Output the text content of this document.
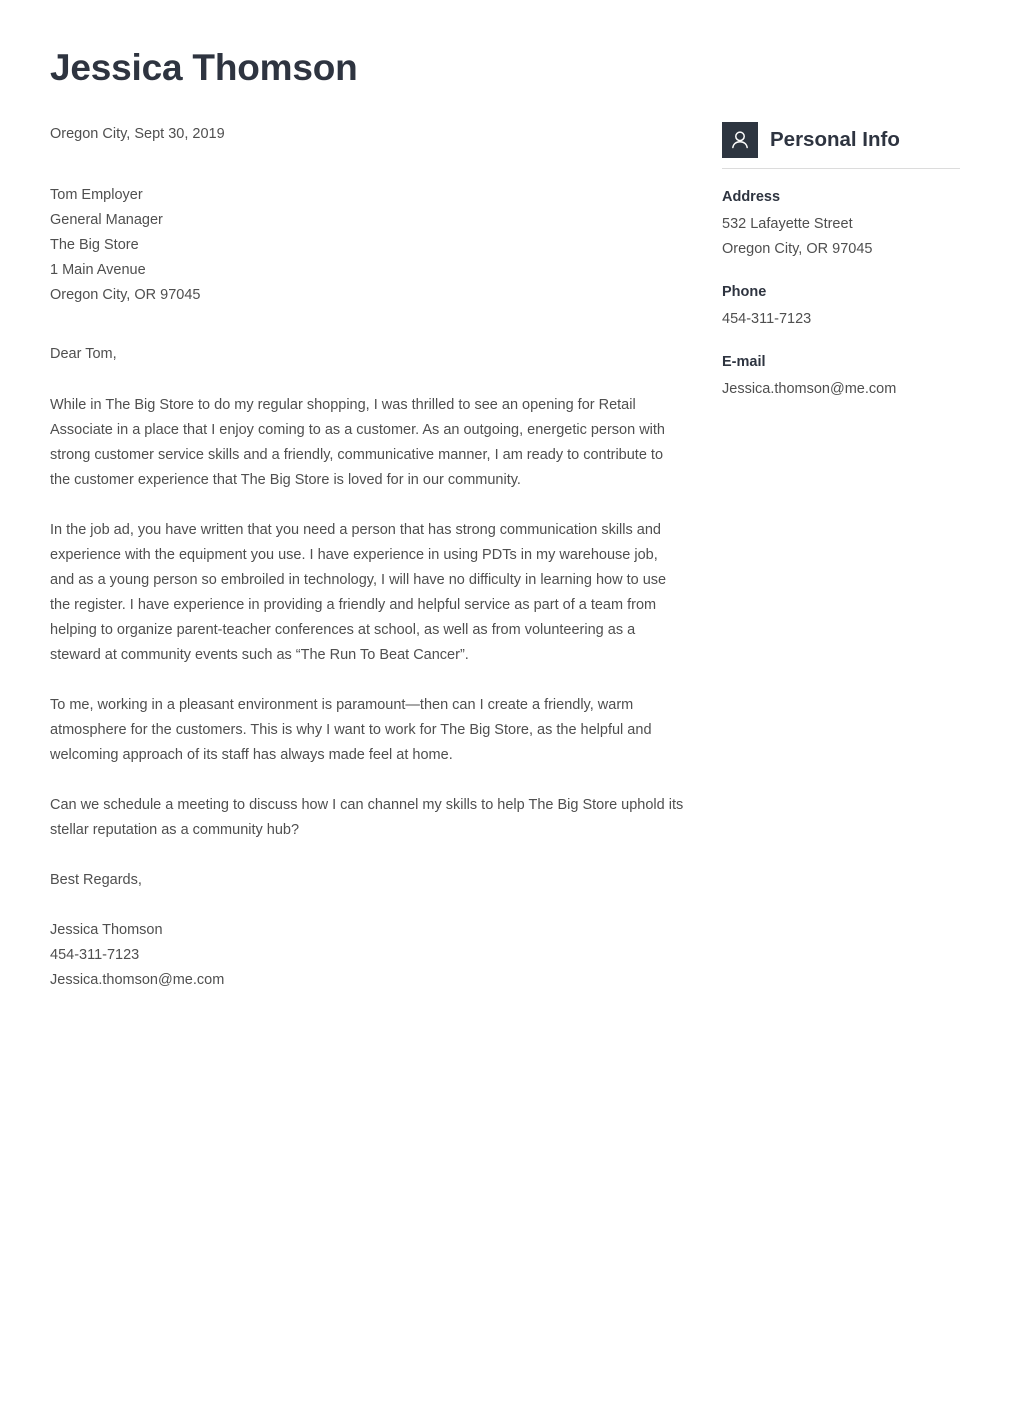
Jessica Thomson

Oregon City, Sept 30, 2019

Tom Employer

General Manager

The Big Store

1 Main Avenue

Oregon City, OR 97045

Dear Tom,

While in The Big Store to do my regular shopping, I was thrilled to see an opening for Retail Associate in a place that I enjoy coming to as a customer. As an outgoing, energetic person with strong customer service skills and a friendly, communicative manner, I am ready to contribute to the customer experience that The Big Store is loved for in our community.

In the job ad, you have written that you need a person that has strong communication skills and experience with the equipment you use. I have experience in using PDTs in my warehouse job, and as a young person so embroiled in technology, I will have no difficulty in learning how to use the register. I have experience in providing a friendly and helpful service as part of a team from helping to organize parent-teacher conferences at school, as well as from volunteering as a steward at community events such as “The Run To Beat Cancer”.

To me, working in a pleasant environment is paramount—then can I create a friendly, warm atmosphere for the customers. This is why I want to work for The Big Store, as the helpful and welcoming approach of its staff has always made feel at home.

Can we schedule a meeting to discuss how I can channel my skills to help The Big Store uphold its stellar reputation as a community hub?

Best Regards,

Jessica Thomson

454-311-7123

Jessica.thomson@me.com

Personal Info

Address

532 Lafayette Street

Oregon City, OR 97045

Phone

454-311-7123

E-mail

Jessica.thomson@me.com
